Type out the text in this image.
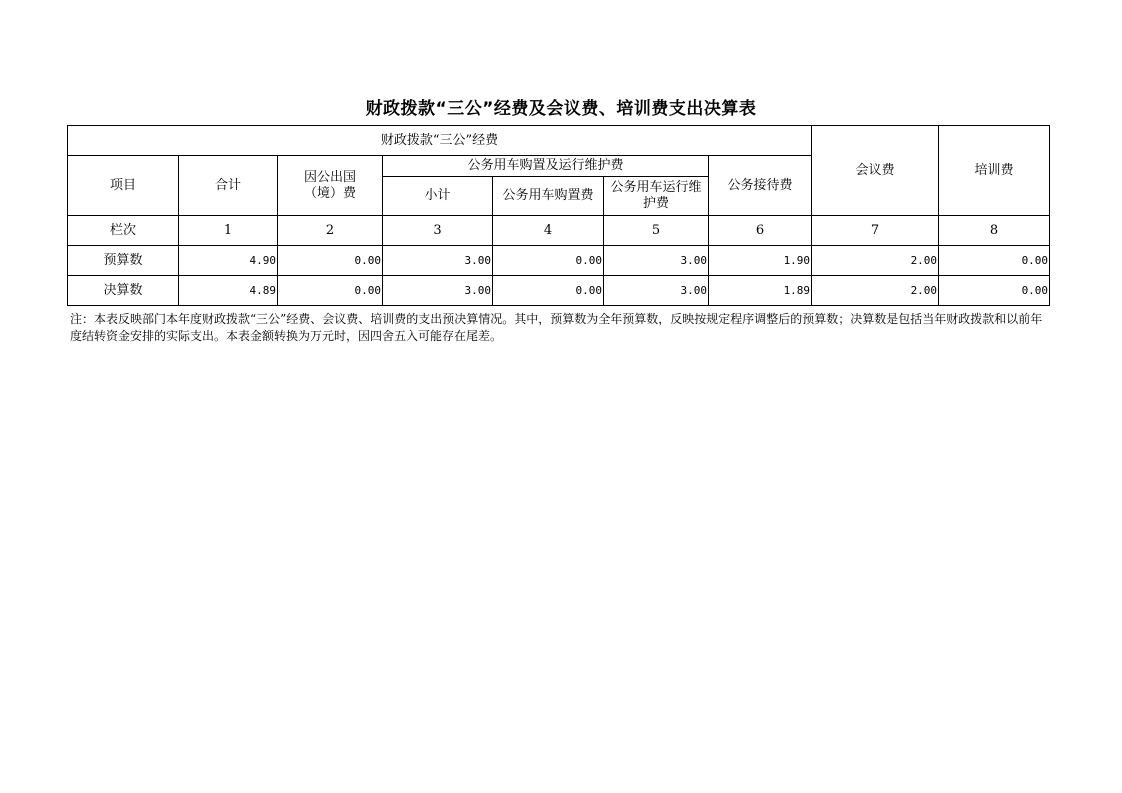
财政拨款“三公”经费及会议费、培训费支出决算表
财政拨款“三公”经费							会议费	培训费
项目	合计	因公出国（境）费	公务用车购置及运行维护费			公务接待费		
			小计	公务用车购置费	公务用车运行维护费			
栏次	1	2	3	4	5	6	7	8
预算数	4.90	0.00	3.00	0.00	3.00	1.90	2.00	0.00
决算数	4.89	0.00	3.00	0.00	3.00	1.89	2.00	0.00
注：本表反映部门本年度财政拨款“三公”经费、会议费、培训费的支出预决算情况。其中，预算数为全年预算数，反映按规定程序调整后的预算数；决算数是包括当年财政拨款和以前年度结转资金安排的实际支出。本表金额转换为万元时，因四舍五入可能存在尾差。
